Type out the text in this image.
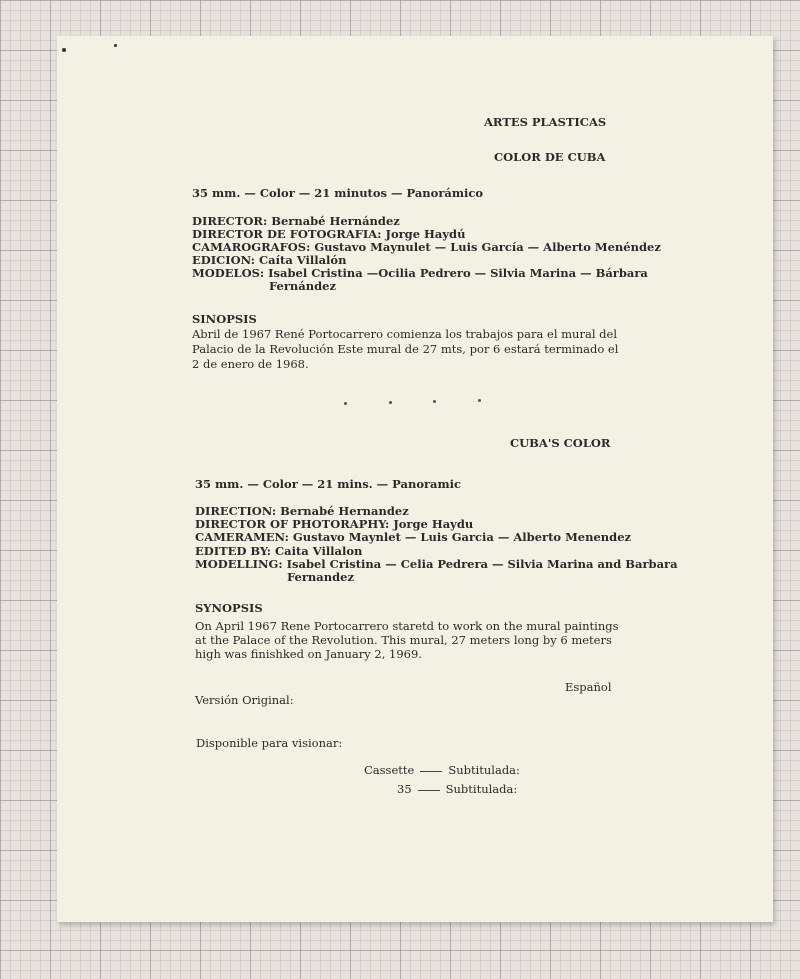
ARTES PLASTICAS
COLOR DE CUBA
35 mm. — Color — 21 minutos — Panorámico
DIRECTOR: Bernabé Hernández
DIRECTOR DE FOTOGRAFIA: Jorge Haydú
CAMAROGRAFOS: Gustavo Maynulet — Luis García — Alberto Menéndez
EDICION: Caíta Villalón
MODELOS: Isabel Cristina —Ocilia Pedrero — Silvia Marina — Bárbara Fernández
SINOPSIS
Abril de 1967 René Portocarrero comienza los trabajos para el mural del
Palacio de la Revolución Este mural de 27 mts, por 6 estará terminado el
2 de enero de 1968.
CUBA'S COLOR
35 mm. — Color — 21 mins. — Panoramic
DIRECTION: Bernabé Hernandez
DIRECTOR OF PHOTORAPHY: Jorge Haydu
CAMERAMEN: Gustavo Maynlet — Luis Garcia — Alberto Menendez
EDITED BY: Caita Villalon
MODELLING: Isabel Cristina — Celia Pedrera — Silvia Marina and Barbara Fernandez
SYNOPSIS
On April 1967 Rene Portocarrero staretd to work on the mural paintings
at the Palace of the Revolution. This mural, 27 meters long by 6 meters
high was finishked on January 2, 1969.
Español
Versión Original:
Disponible para visionar:
Cassette	Subtitulada:
35	Subtitulada:
